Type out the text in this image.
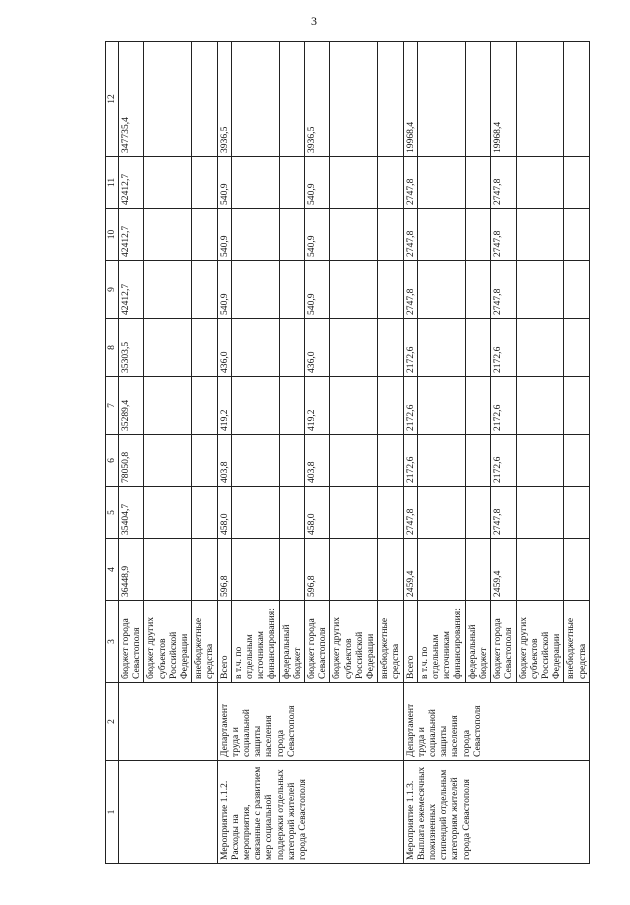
3
1	2	3	4	5	6	7	8	9	10	11	12
		бюджет города Севастополя	36448,9	35404,7	78050,8	35289,4	35303,5	42412,7	42412,7	42412,7	347735,4
		бюджет других субъектов Российской Федерации									
		внебюджетные средства									
Мероприятие 1.1.2. Расходы на мероприятия, связанные с развитием мер социальной поддержки отдельных категорий жителей города Севастополя	Департамент труда и социальной защиты населения города Севастополя	Всего	596,8	458,0	403,8	419,2	436,0	540,9	540,9	540,9	3936,5
		в т.ч. по отдельным источникам финансирования:									
		федеральный бюджет									
		бюджет города Севастополя	596,8	458,0	403,8	419,2	436,0	540,9	540,9	540,9	3936,5
		бюджет других субъектов Российской Федерации									
		внебюджетные средства									
Мероприятие 1.1.3. Выплата ежемесячных пожизненных стипендий отдельным категориям жителей города Севастополя	Департамент труда и социальной защиты населения города Севастополя	Всего	2459,4	2747,8	2172,6	2172,6	2172,6	2747,8	2747,8	2747,8	19968,4
		в т.ч. по отдельным источникам финансирования:									
		федеральный бюджет									
		бюджет города Севастополя	2459,4	2747,8	2172,6	2172,6	2172,6	2747,8	2747,8	2747,8	19968,4
		бюджет других субъектов Российской Федерации									
		внебюджетные средства									
